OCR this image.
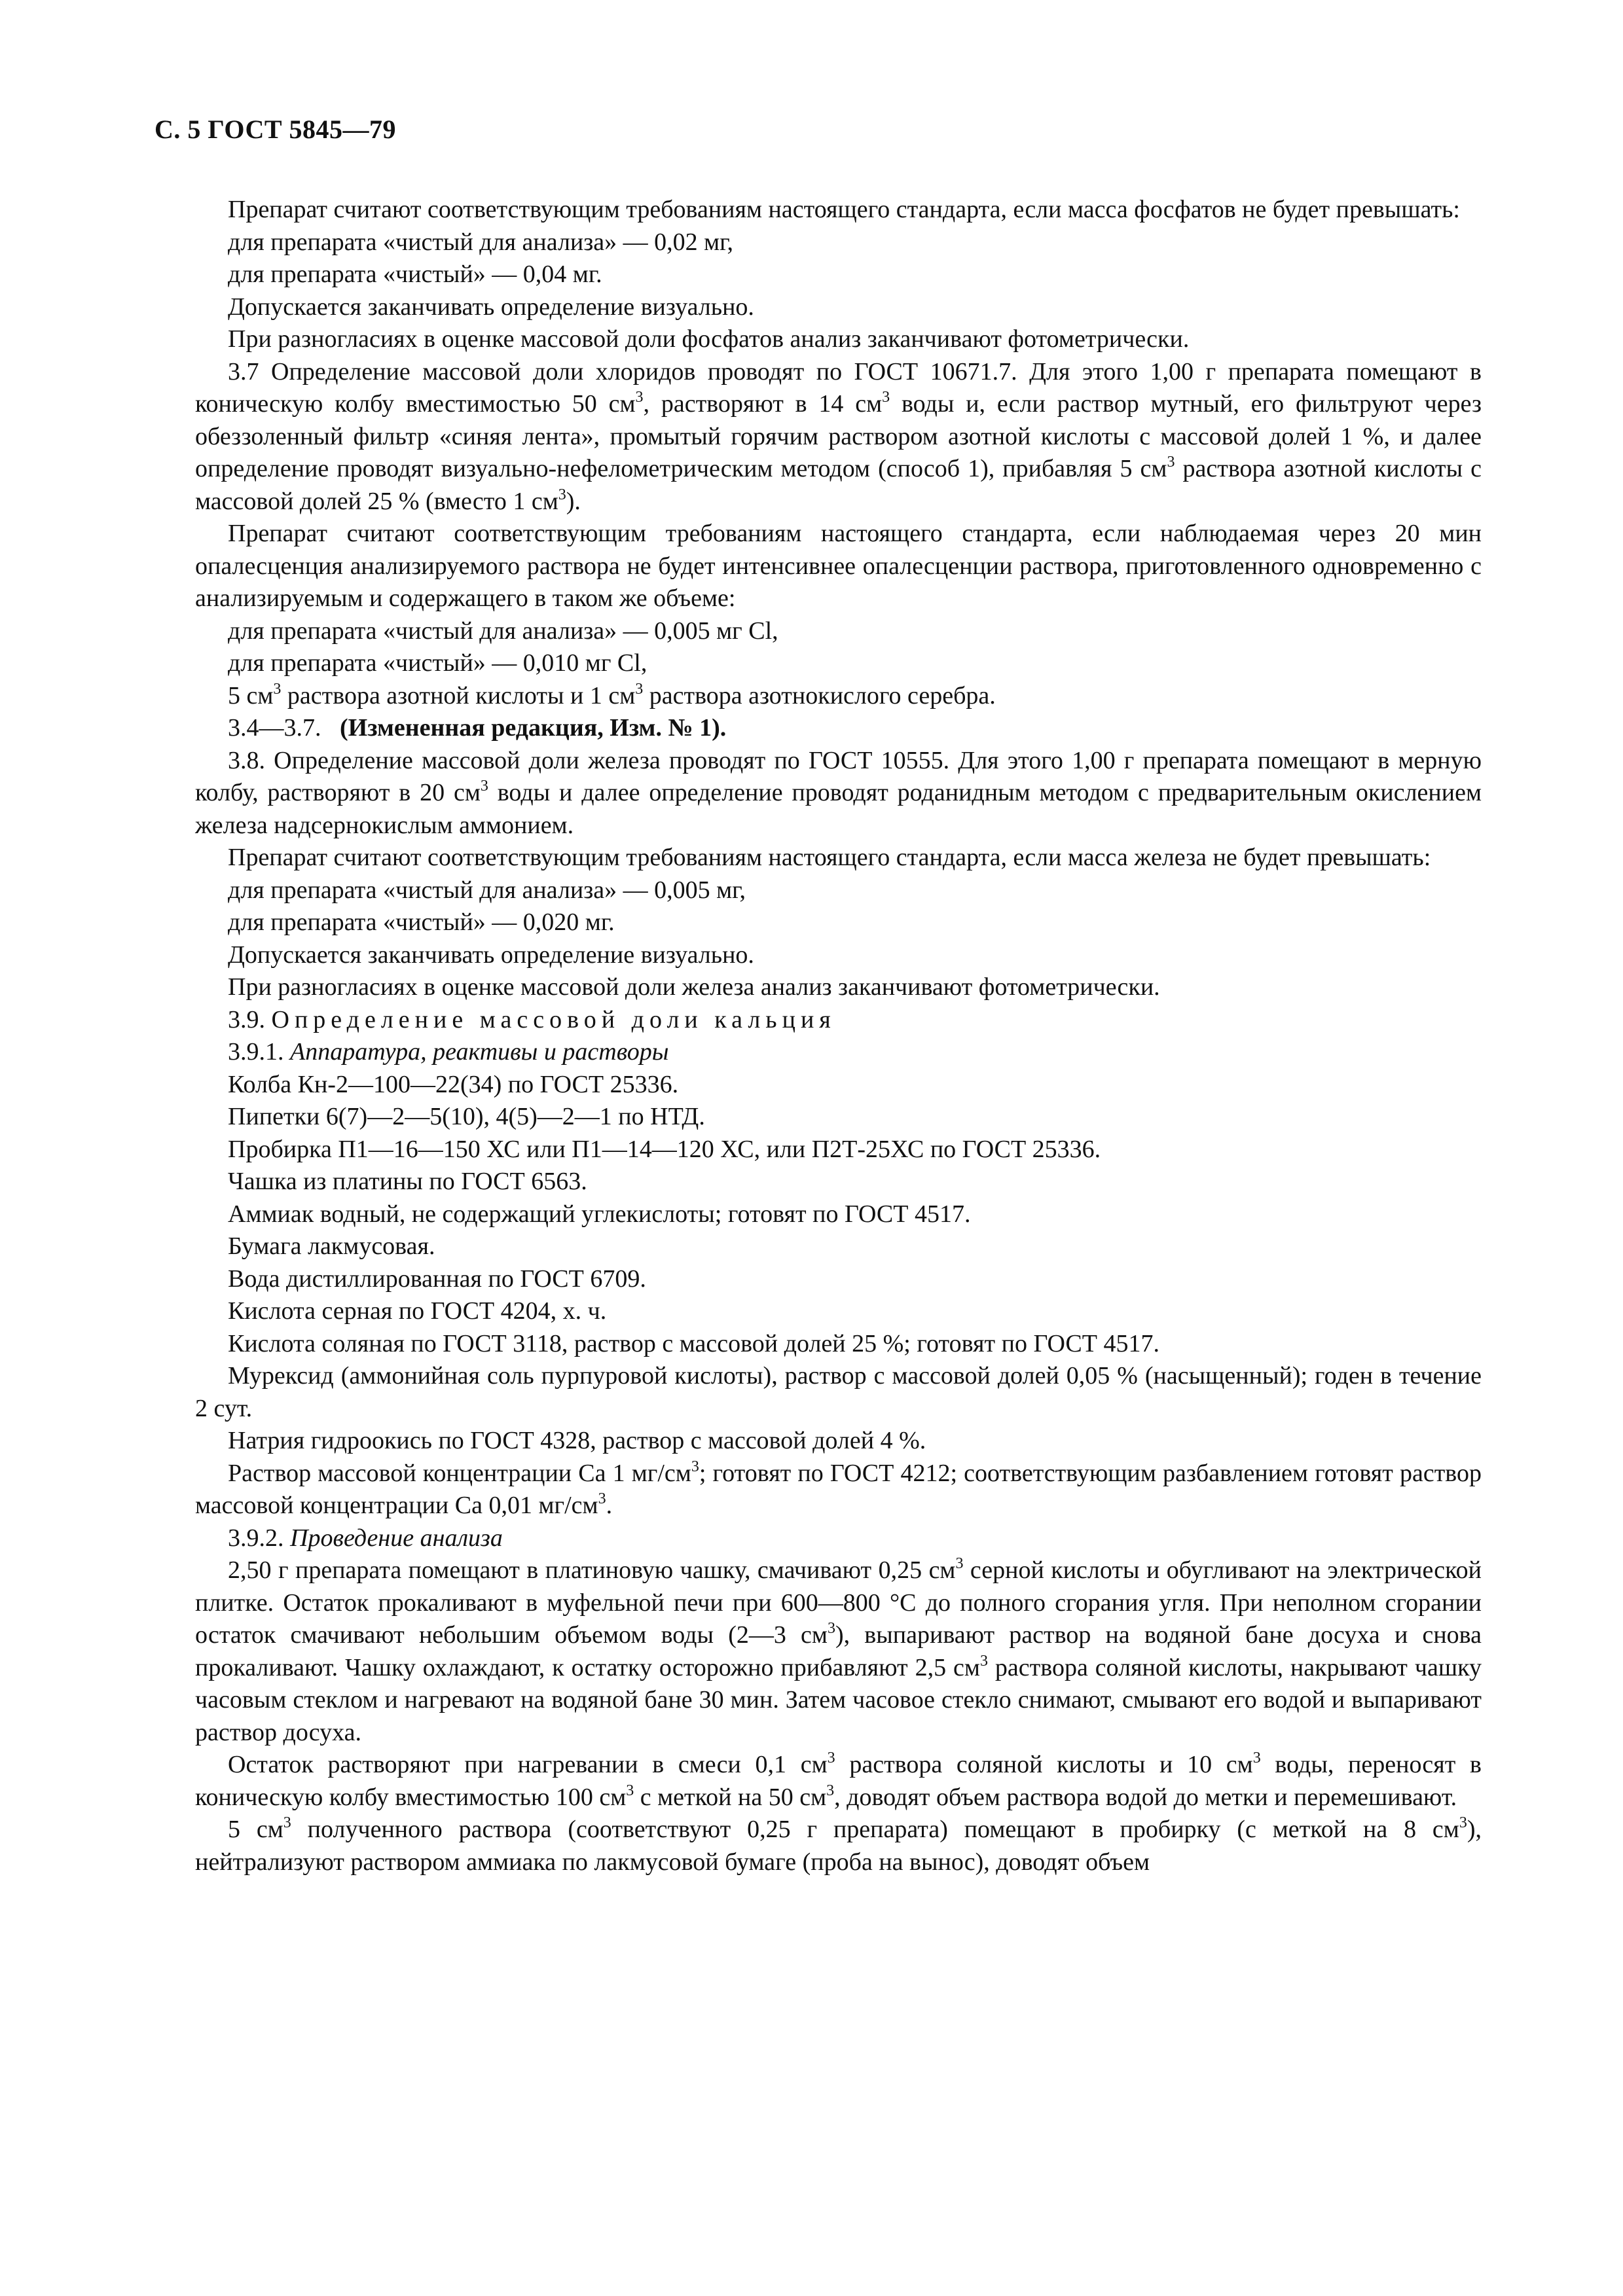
С. 5 ГОСТ 5845—79

Препарат считают соответствующим требованиям настоящего стандарта, если масса фосфатов не будет превышать:

для препарата «чистый для анализа» — 0,02 мг,

для препарата «чистый» — 0,04 мг.

Допускается заканчивать определение визуально.

При разногласиях в оценке массовой доли фосфатов анализ заканчивают фотометрически.

3.7 Определение массовой доли хлоридов проводят по ГОСТ 10671.7. Для этого 1,00 г препарата помещают в коническую колбу вместимостью 50 $см^3$, растворяют в 14 $см^3$ воды и, если раствор мутный, его фильтруют через обеззоленный фильтр «синяя лента», промытый горячим раствором азотной кислоты с массовой долей 1 %, и далее определение проводят визуально-нефелометрическим методом (способ 1), прибавляя 5 $см^3$ раствора азотной кислоты с массовой долей 25 % (вместо 1 $см^3$).

Препарат считают соответствующим требованиям настоящего стандарта, если наблюдаемая через 20 мин опалесценция анализируемого раствора не будет интенсивнее опалесценции раствора, приготовленного одновременно с анализируемым и содержащего в таком же объеме:

для препарата «чистый для анализа» — 0,005 мг Cl,

для препарата «чистый» — 0,010 мг Cl,

5 $см^3$ раствора азотной кислоты и 1 $см^3$ раствора азотнокислого серебра.

3.4—3.7. (Измененная редакция, Изм. № 1).

3.8. Определение массовой доли железа проводят по ГОСТ 10555. Для этого 1,00 г препарата помещают в мерную колбу, растворяют в 20 $см^3$ воды и далее определение проводят роданидным методом с предварительным окислением железа надсернокислым аммонием.

Препарат считают соответствующим требованиям настоящего стандарта, если масса железа не будет превышать:

для препарата «чистый для анализа» — 0,005 мг,

для препарата «чистый» — 0,020 мг.

Допускается заканчивать определение визуально.

При разногласиях в оценке массовой доли железа анализ заканчивают фотометрически.

3.9. Определение массовой доли кальция

3.9.1. Аппаратура, реактивы и растворы

Колба Кн-2—100—22(34) по ГОСТ 25336.

Пипетки 6(7)—2—5(10), 4(5)—2—1 по НТД.

Пробирка П1—16—150 ХС или П1—14—120 ХС, или П2Т-25ХС по ГОСТ 25336.

Чашка из платины по ГОСТ 6563.

Аммиак водный, не содержащий углекислоты; готовят по ГОСТ 4517.

Бумага лакмусовая.

Вода дистиллированная по ГОСТ 6709.

Кислота серная по ГОСТ 4204, х. ч.

Кислота соляная по ГОСТ 3118, раствор с массовой долей 25 %; готовят по ГОСТ 4517.

Мурексид (аммонийная соль пурпуровой кислоты), раствор с массовой долей 0,05 % (насыщенный); годен в течение 2 сут.

Натрия гидроокись по ГОСТ 4328, раствор с массовой долей 4 %.

Раствор массовой концентрации Са 1 $мг/см^3$; готовят по ГОСТ 4212; соответствующим разбавлением готовят раствор массовой концентрации Са 0,01 $мг/см^3$.

3.9.2. Проведение анализа

2,50 г препарата помещают в платиновую чашку, смачивают 0,25 $см^3$ серной кислоты и обугливают на электрической плитке. Остаток прокаливают в муфельной печи при 600—800 °С до полного сгорания угля. При неполном сгорании остаток смачивают небольшим объемом воды (2—3 $см^3$), выпаривают раствор на водяной бане досуха и снова прокаливают. Чашку охлаждают, к остатку осторожно прибавляют 2,5 $см^3$ раствора соляной кислоты, накрывают чашку часовым стеклом и нагревают на водяной бане 30 мин. Затем часовое стекло снимают, смывают его водой и выпаривают раствор досуха.

Остаток растворяют при нагревании в смеси 0,1 $см^3$ раствора соляной кислоты и 10 $см^3$ воды, переносят в коническую колбу вместимостью 100 $см^3$ с меткой на 50 $см^3$, доводят объем раствора водой до метки и перемешивают.

5 $см^3$ полученного раствора (соответствуют 0,25 г препарата) помещают в пробирку (с меткой на 8 $см^3$), нейтрализуют раствором аммиака по лакмусовой бумаге (проба на вынос), доводят объем
